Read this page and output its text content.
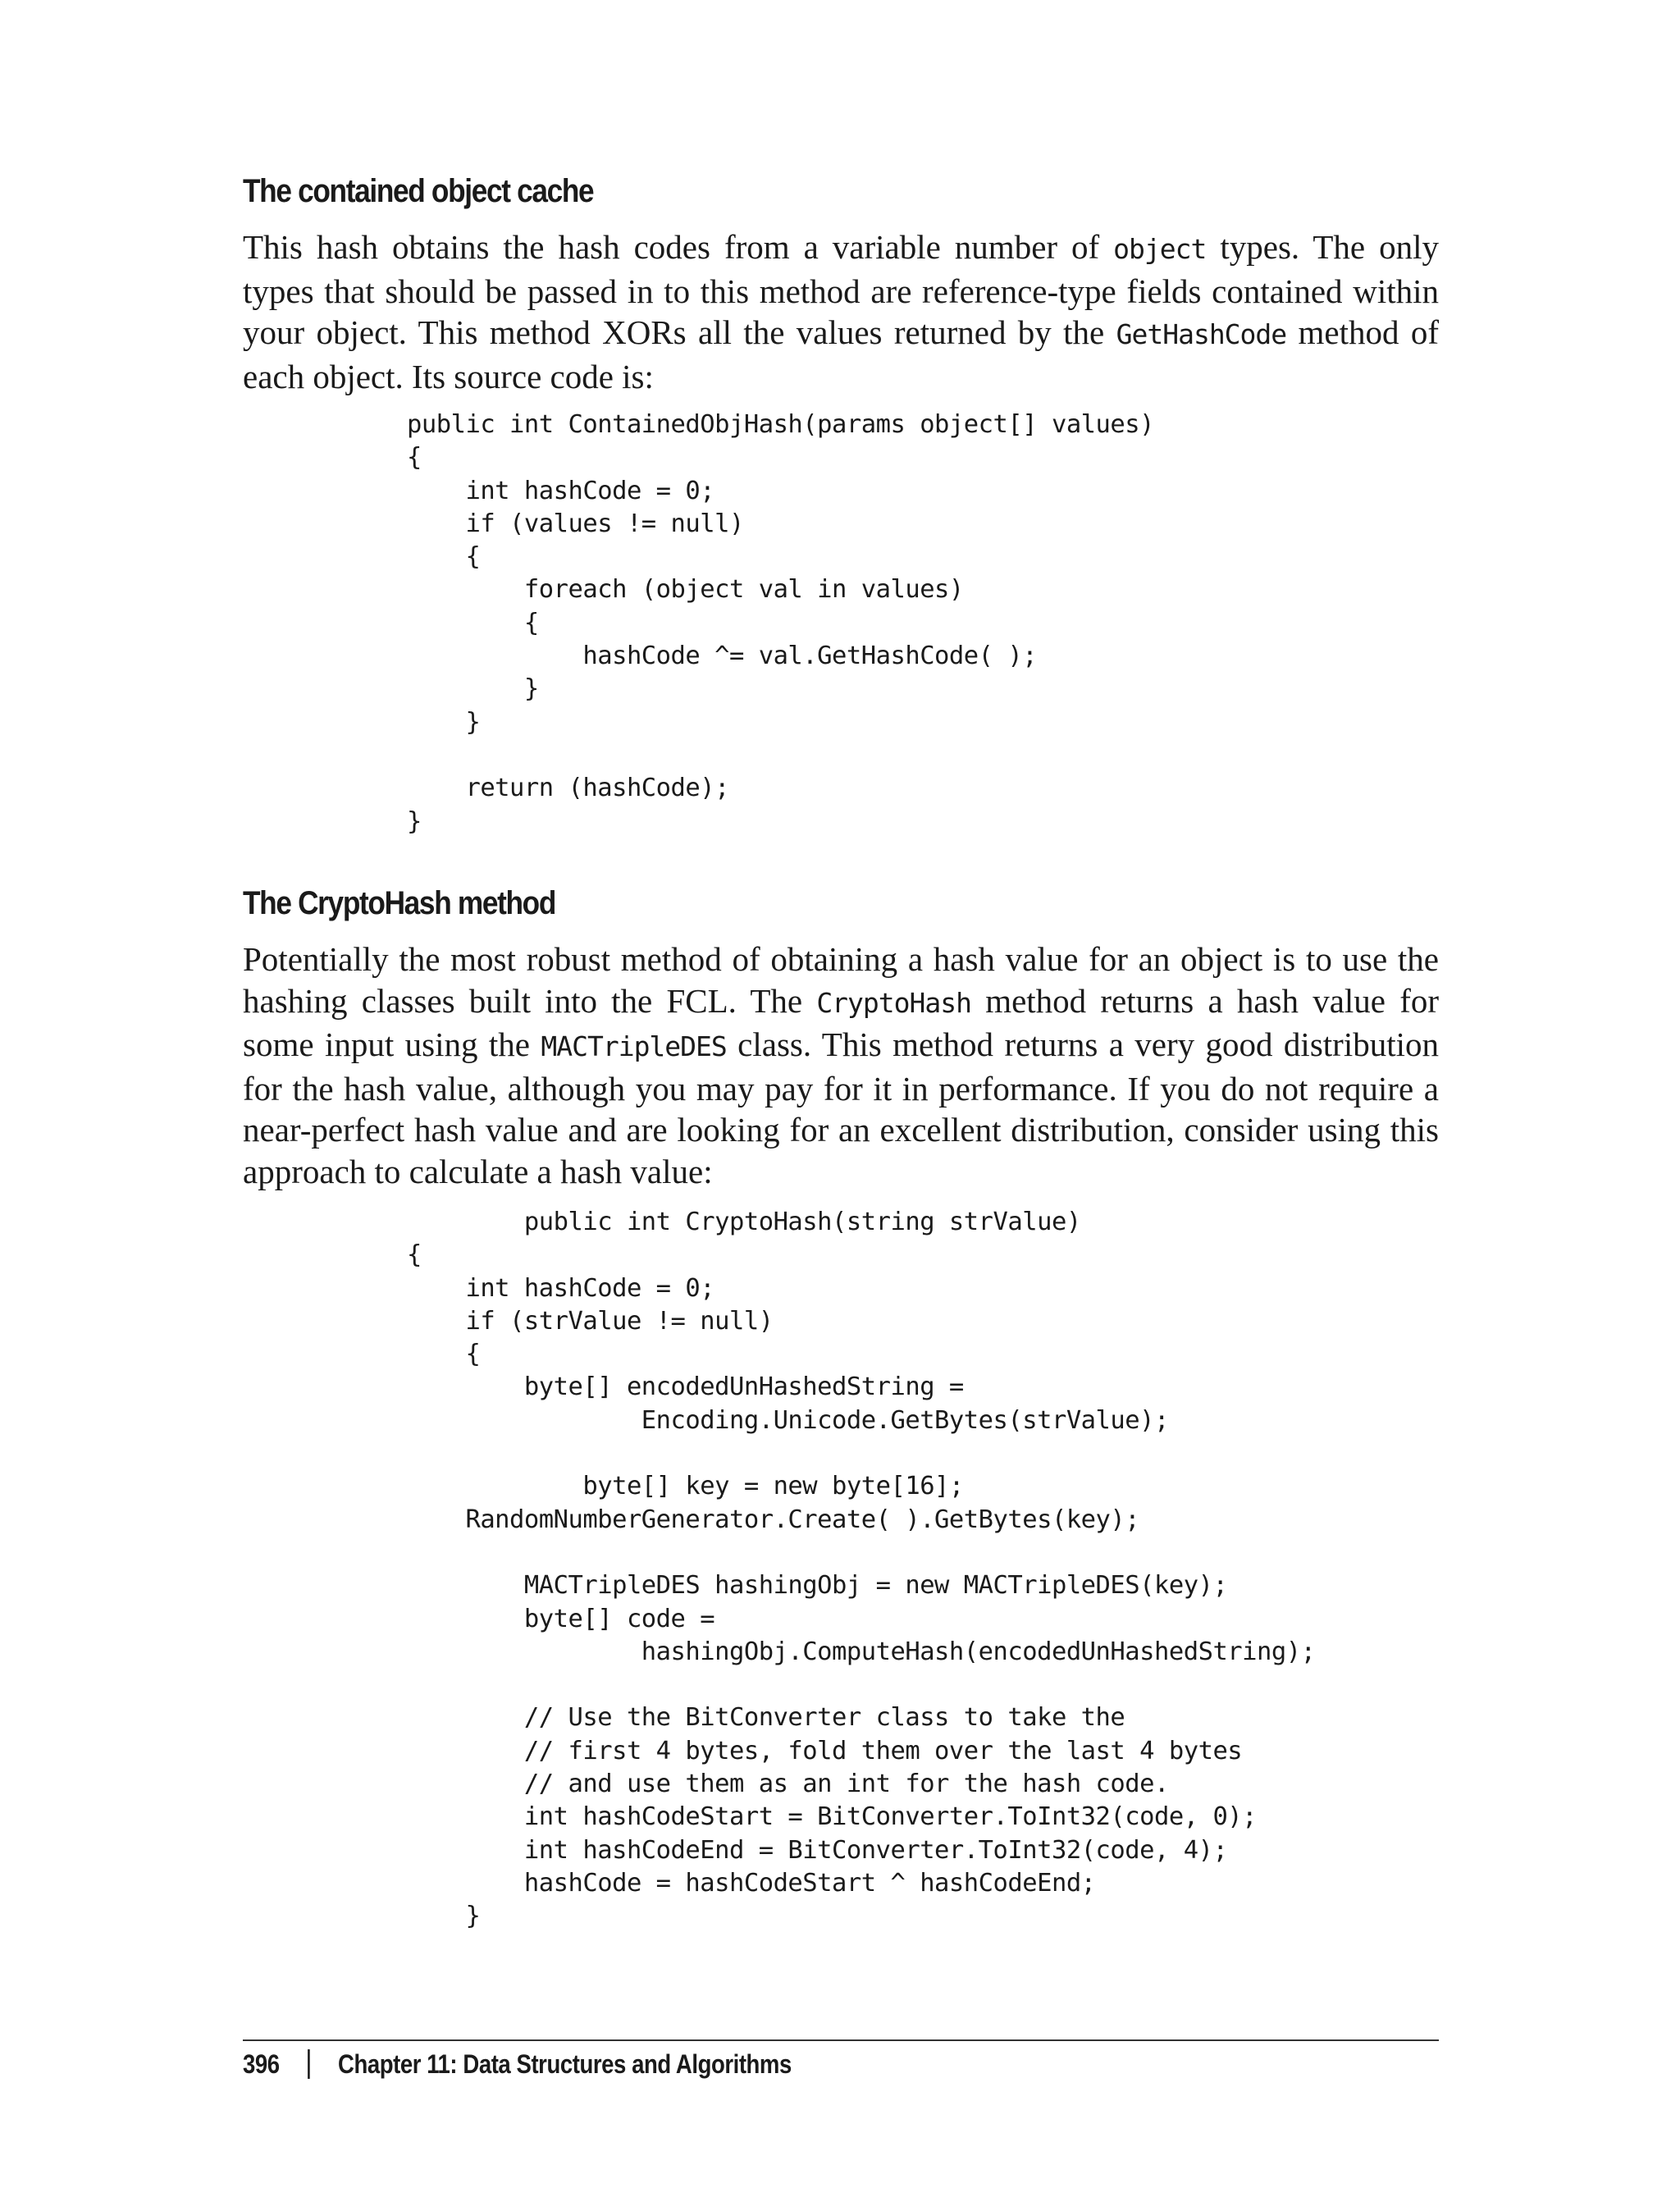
The contained object cache

This hash obtains the hash codes from a variable number of object types. The only types that should be passed in to this method are reference-type fields contained within your object. This method XORs all the values returned by the GetHashCode method of each object. Its source code is:

public int ContainedObjHash(params object[] values)
{
int hashCode = 0;
if (values != null)
{
foreach (object val in values)
{
hashCode ^= val.GetHashCode( );
}
}

return (hashCode);
}
The CryptoHash method

Potentially the most robust method of obtaining a hash value for an object is to use the hashing classes built into the FCL. The CryptoHash method returns a hash value for some input using the MACTripleDES class. This method returns a very good distribution for the hash value, although you may pay for it in performance. If you do not require a near-perfect hash value and are looking for an excellent distribution, consider using this approach to calculate a hash value:

public int CryptoHash(string strValue)
{
int hashCode = 0;
if (strValue != null)
{
byte[] encodedUnHashedString =
Encoding.Unicode.GetBytes(strValue);

byte[] key = new byte[16];
RandomNumberGenerator.Create( ).GetBytes(key);

MACTripleDES hashingObj = new MACTripleDES(key);
byte[] code =
hashingObj.ComputeHash(encodedUnHashedString);

// Use the BitConverter class to take the
// first 4 bytes, fold them over the last 4 bytes
// and use them as an int for the hash code.
int hashCodeStart = BitConverter.ToInt32(code, 0);
int hashCodeEnd = BitConverter.ToInt32(code, 4);
hashCode = hashCodeStart ^ hashCodeEnd;
}
396 Chapter 11: Data Structures and Algorithms
